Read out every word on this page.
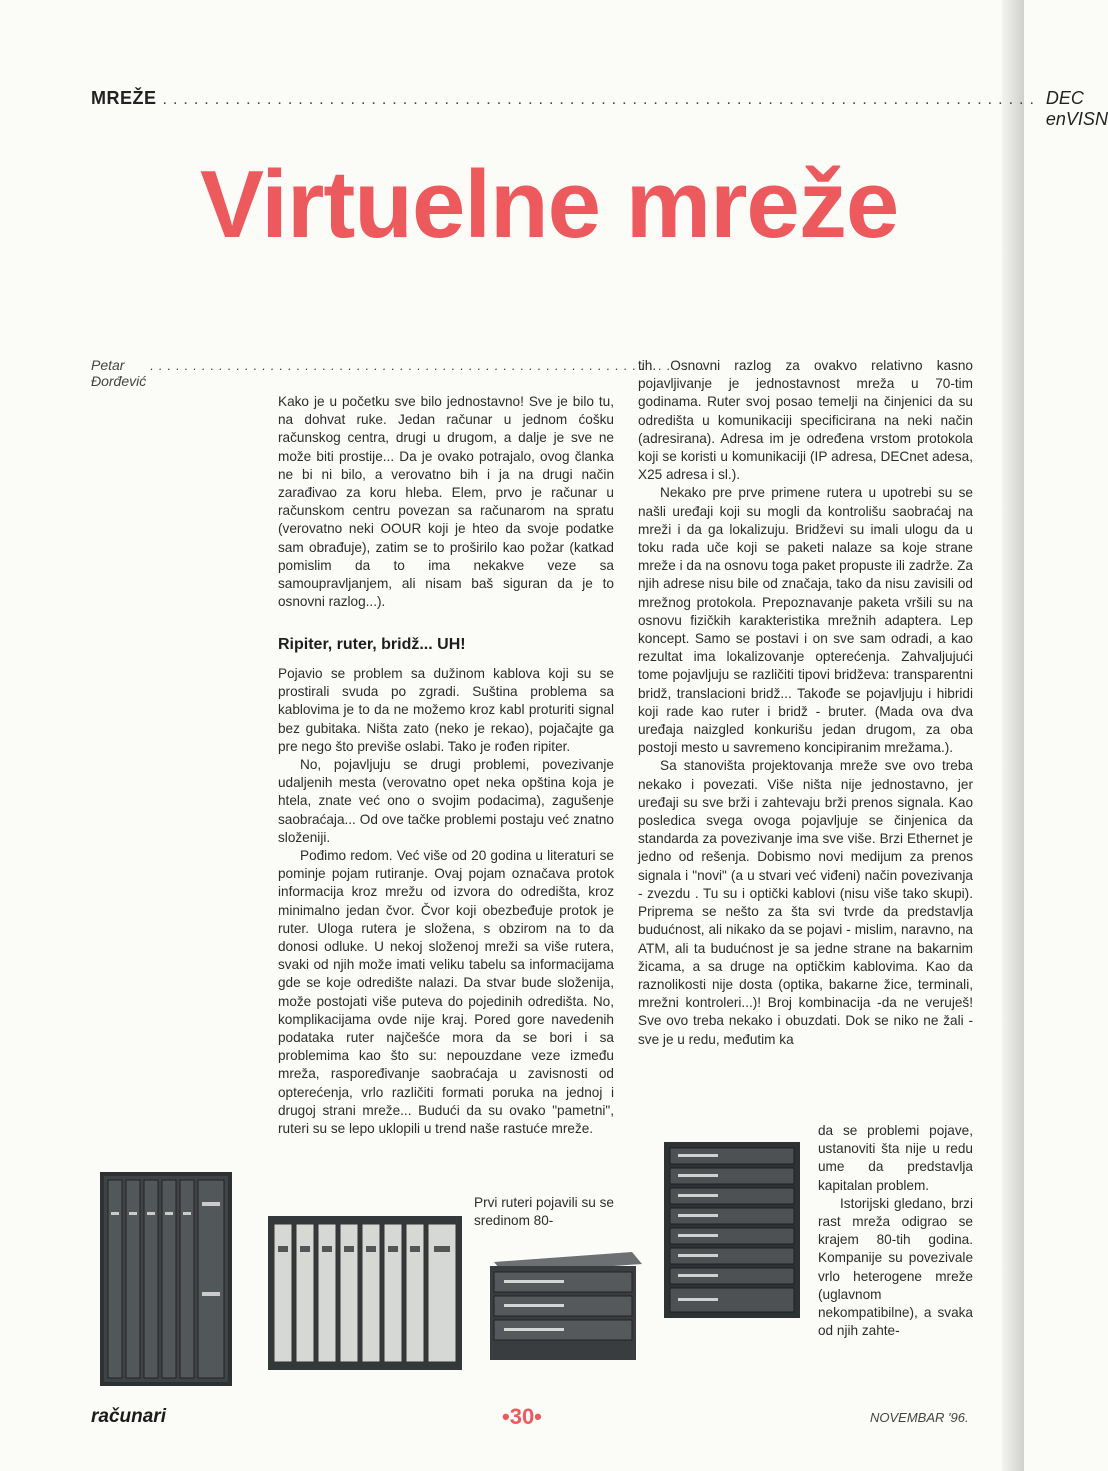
MREŽE .................................................................................... DEC enVISN
Virtuelne mreže
Petar Đorđević
.................................................................

Kako je u početku sve bilo jednostavno! Sve je bilo tu, na dohvat ruke. Jedan računar u jednom ćošku računskog centra, drugi u drugom, a dalje je sve ne može biti prostije... Da je ovako potrajalo, ovog članka ne bi ni bilo, a verovatno bih i ja na drugi način zarađivao za koru hleba. Elem, prvo je računar u računskom centru povezan sa računarom na spratu (verovatno neki OOUR koji je hteo da svoje podatke sam obrađuje), zatim se to proširilo kao požar (katkad pomislim da to ima nekakve veze sa samoupravljanjem, ali nisam baš siguran da je to osnovni razlog...).

Ripiter, ruter, bridž... UH!

Pojavio se problem sa dužinom kablova koji su se prostirali svuda po zgradi. Suština problema sa kablovima je to da ne možemo kroz kabl proturiti signal bez gubitaka. Ništa zato (neko je rekao), pojačajte ga pre nego što previše oslabi. Tako je rođen ripiter.

No, pojavljuju se drugi problemi, povezivanje udaljenih mesta (verovatno opet neka opština koja je htela, znate već ono o svojim podacima), zagušenje saobraćaja... Od ove tačke problemi postaju već znatno složeniji.

Pođimo redom. Već više od 20 godina u literaturi se pominje pojam rutiranje. Ovaj pojam označava protok informacija kroz mrežu od izvora do odredišta, kroz minimalno jedan čvor. Čvor koji obezbeđuje protok je ruter. Uloga rutera je složena, s obzirom na to da donosi odluke. U nekoj složenoj mreži sa više rutera, svaki od njih može imati veliku tabelu sa informacijama gde se koje odredište nalazi. Da stvar bude složenija, može postojati više puteva do pojedinih odredišta. No, komplikacijama ovde nije kraj. Pored gore navedenih podataka ruter najčešće mora da se bori i sa problemima kao što su: nepouzdane veze između mreža, raspoređivanje saobraćaja u zavisnosti od opterećenja, vrlo različiti formati poruka na jednoj i drugoj strani mreže... Budući da su ovako "pametni", ruteri su se lepo uklopili u trend naše rastuće mreže.

Prvi ruteri pojavili su se sredinom 80-

tih. Osnovni razlog za ovakvo relativno kasno pojavljivanje je jednostavnost mreža u 70-tim godinama. Ruter svoj posao temelji na činjenici da su odredišta u komunikaciji specificirana na neki način (adresirana). Adresa im je određena vrstom protokola koji se koristi u komunikaciji (IP adresa, DECnet adesa, X25 adresa i sl.).

Nekako pre prve primene rutera u upotrebi su se našli uređaji koji su mogli da kontrolišu saobraćaj na mreži i da ga lokalizuju. Bridževi su imali ulogu da u toku rada uče koji se paketi nalaze sa koje strane mreže i da na osnovu toga paket propuste ili zadrže. Za njih adrese nisu bile od značaja, tako da nisu zavisili od mrežnog protokola. Prepoznavanje paketa vršili su na osnovu fizičkih karakteristika mrežnih adaptera. Lep koncept. Samo se postavi i on sve sam odradi, a kao rezultat ima lokalizovanje opterećenja. Zahvaljujući tome pojavljuju se različiti tipovi bridževa: transparentni bridž, translacioni bridž... Takođe se pojavljuju i hibridi koji rade kao ruter i bridž - bruter. (Mada ova dva uređaja naizgled konkurišu jedan drugom, za oba postoji mesto u savremeno koncipiranim mrežama.).

Sa stanovišta projektovanja mreže sve ovo treba nekako i povezati. Više ništa nije jednostavno, jer uređaji su sve brži i zahtevaju brži prenos signala. Kao posledica svega ovoga pojavljuje se činjenica da standarda za povezivanje ima sve više. Brzi Ethernet je jedno od rešenja. Dobismo novi medijum za prenos signala i "novi" (a u stvari već viđeni) način povezivanja - zvezdu . Tu su i optički kablovi (nisu više tako skupi). Priprema se nešto za šta svi tvrde da predstavlja budućnost, ali nikako da se pojavi - mislim, naravno, na ATM, ali ta budućnost je sa jedne strane na bakarnim žicama, a sa druge na optičkim kablovima. Kao da raznolikosti nije dosta (optika, bakarne žice, terminali, mrežni kontroleri...)! Broj kombinacija -da ne veruješ! Sve ovo treba nekako i obuzdati. Dok se niko ne žali - sve je u redu, međutim ka

da se problemi pojave, ustanoviti šta nije u redu ume da predstavlja kapitalan problem.

Istorijski gledano, brzi rast mreža odigrao se krajem 80-tih godina. Kompanije su povezivale vrlo heterogene mreže (uglavnom nekompatibilne), a svaka od njih zahte-

računari	•30•	NOVEMBAR '96.
